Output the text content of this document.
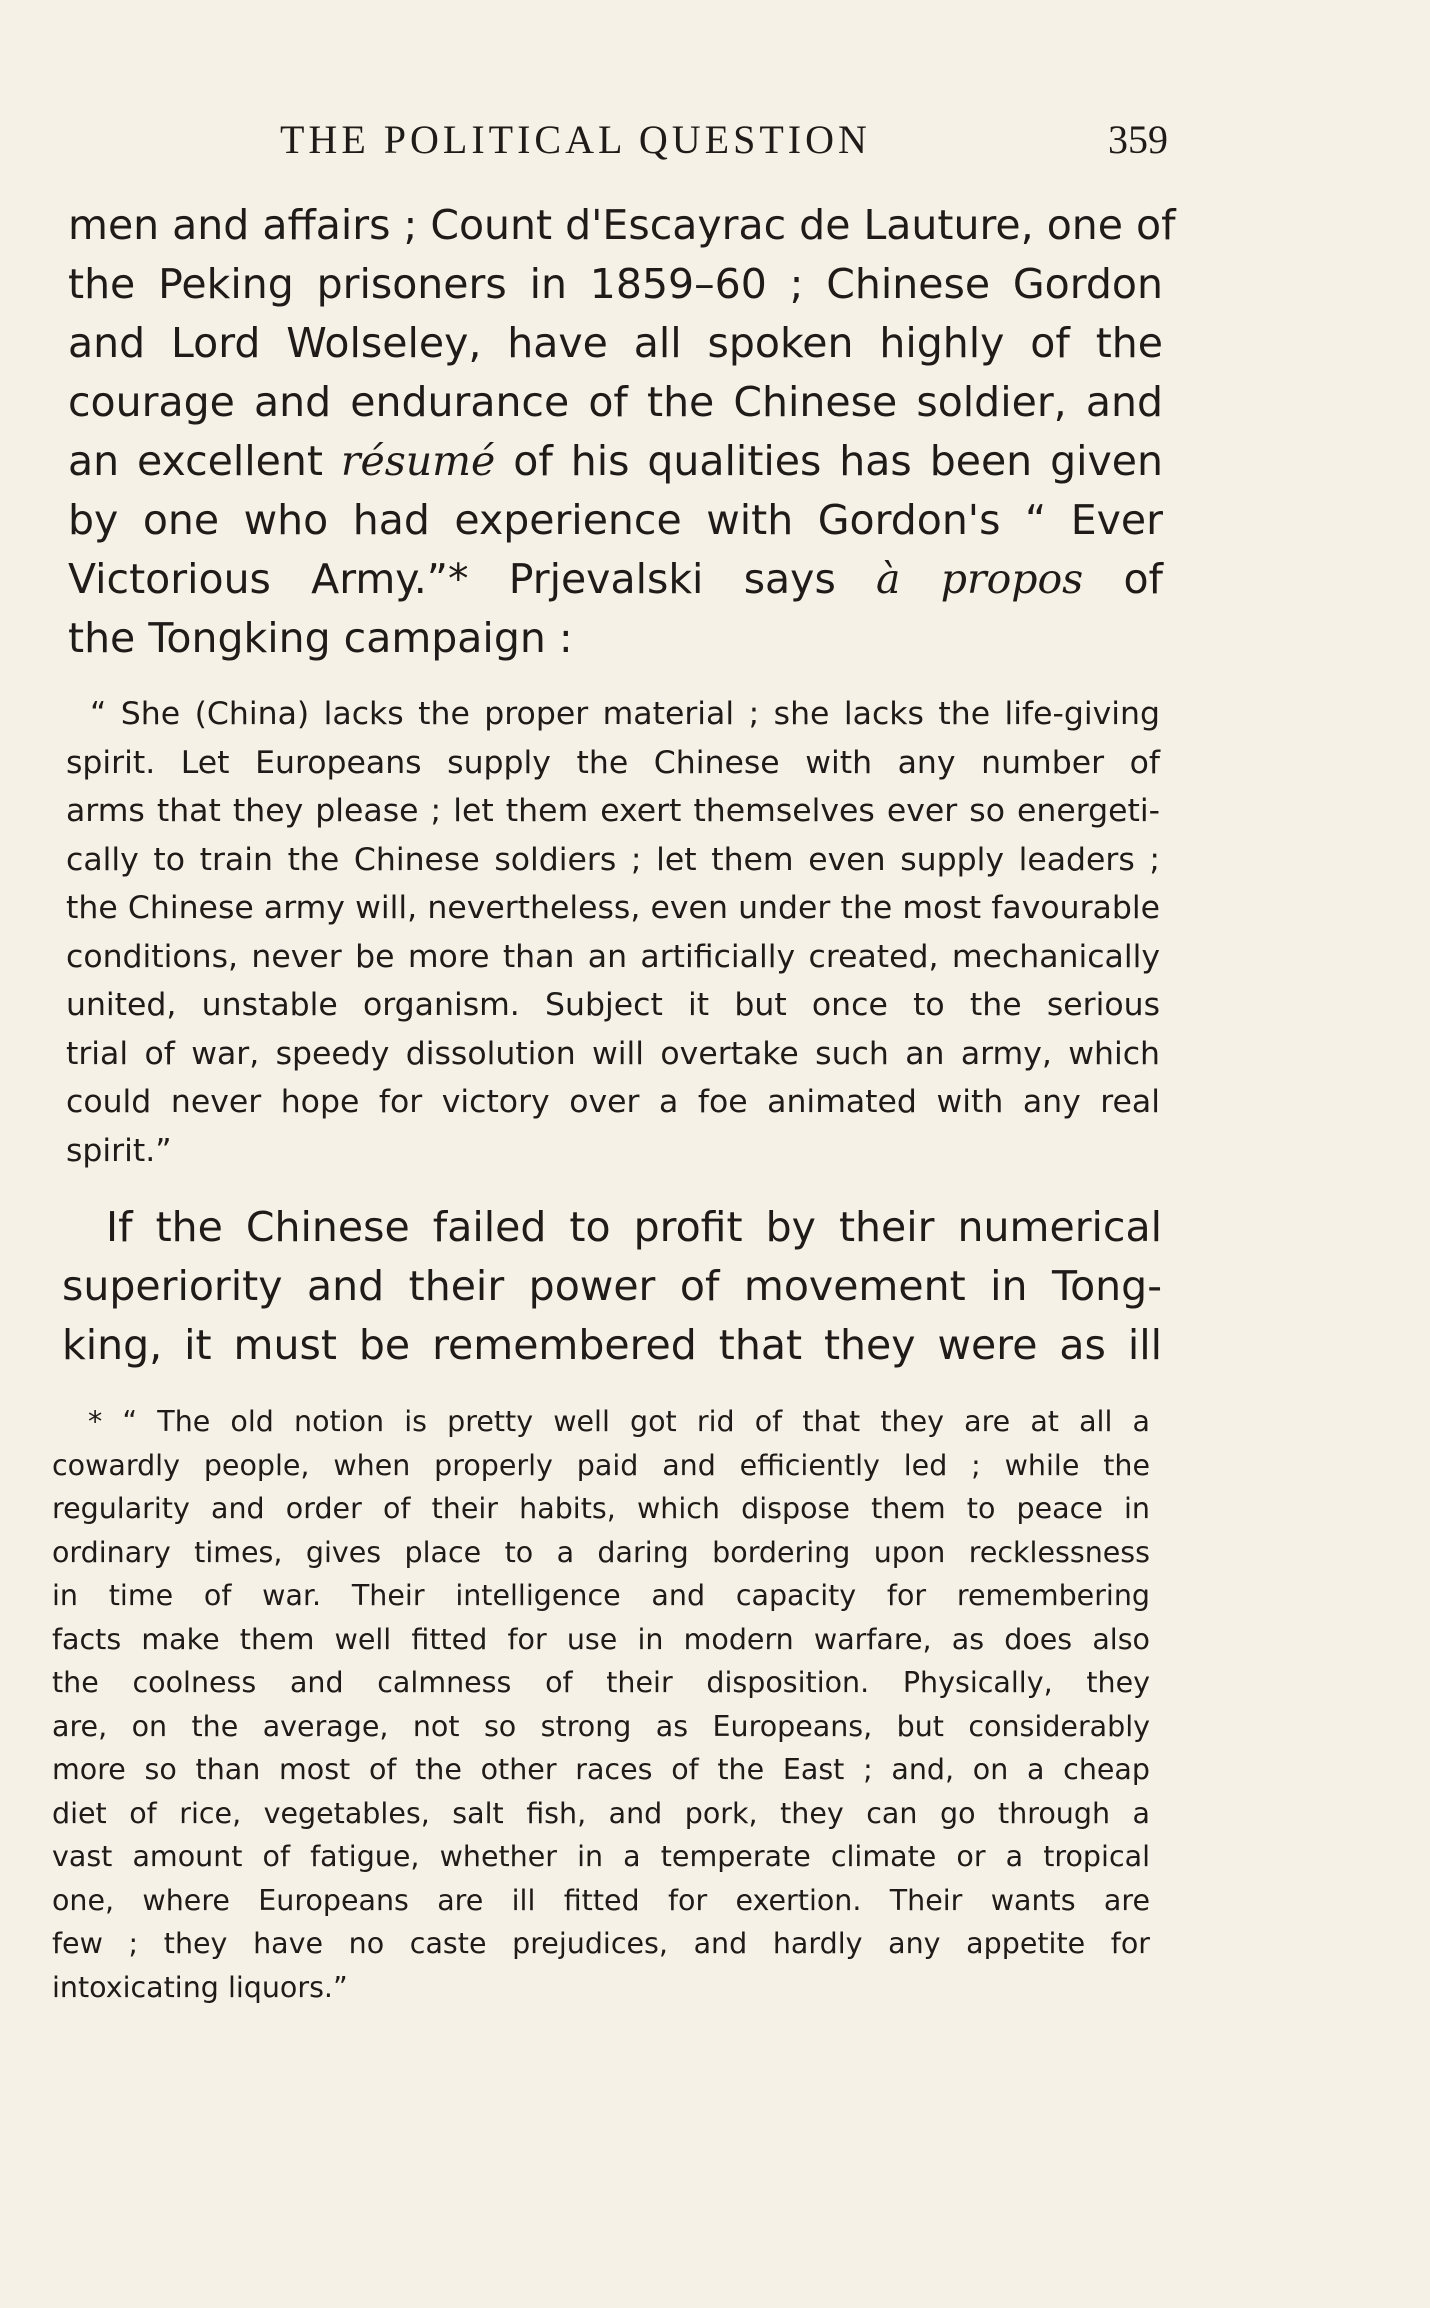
THE POLITICAL QUESTION	359
men and affairs ; Count d'Escayrac de Lauture, one of
the Peking prisoners in 1859–60 ; Chinese Gordon
and Lord Wolseley, have all spoken highly of the
courage and endurance of the Chinese soldier, and
an excellent résumé of his qualities has been given
by one who had experience with Gordon's “ Ever
Victorious Army.”* Prjevalski says à propos of
the Tongking campaign :
“ She (China) lacks the proper material ; she lacks the life-giving
spirit. Let Europeans supply the Chinese with any number of
arms that they please ; let them exert themselves ever so energeti-
cally to train the Chinese soldiers ; let them even supply leaders ;
the Chinese army will, nevertheless, even under the most favourable
conditions, never be more than an artificially created, mechanically
united, unstable organism. Subject it but once to the serious
trial of war, speedy dissolution will overtake such an army, which
could never hope for victory over a foe animated with any real
spirit.”
If the Chinese failed to profit by their numerical
superiority and their power of movement in Tong-
king, it must be remembered that they were as ill
* “ The old notion is pretty well got rid of that they are at all a
cowardly people, when properly paid and efficiently led ; while the
regularity and order of their habits, which dispose them to peace in
ordinary times, gives place to a daring bordering upon recklessness
in time of war. Their intelligence and capacity for remembering
facts make them well fitted for use in modern warfare, as does also
the coolness and calmness of their disposition. Physically, they
are, on the average, not so strong as Europeans, but considerably
more so than most of the other races of the East ; and, on a cheap
diet of rice, vegetables, salt fish, and pork, they can go through a
vast amount of fatigue, whether in a temperate climate or a tropical
one, where Europeans are ill fitted for exertion. Their wants are
few ; they have no caste prejudices, and hardly any appetite for
intoxicating liquors.”
